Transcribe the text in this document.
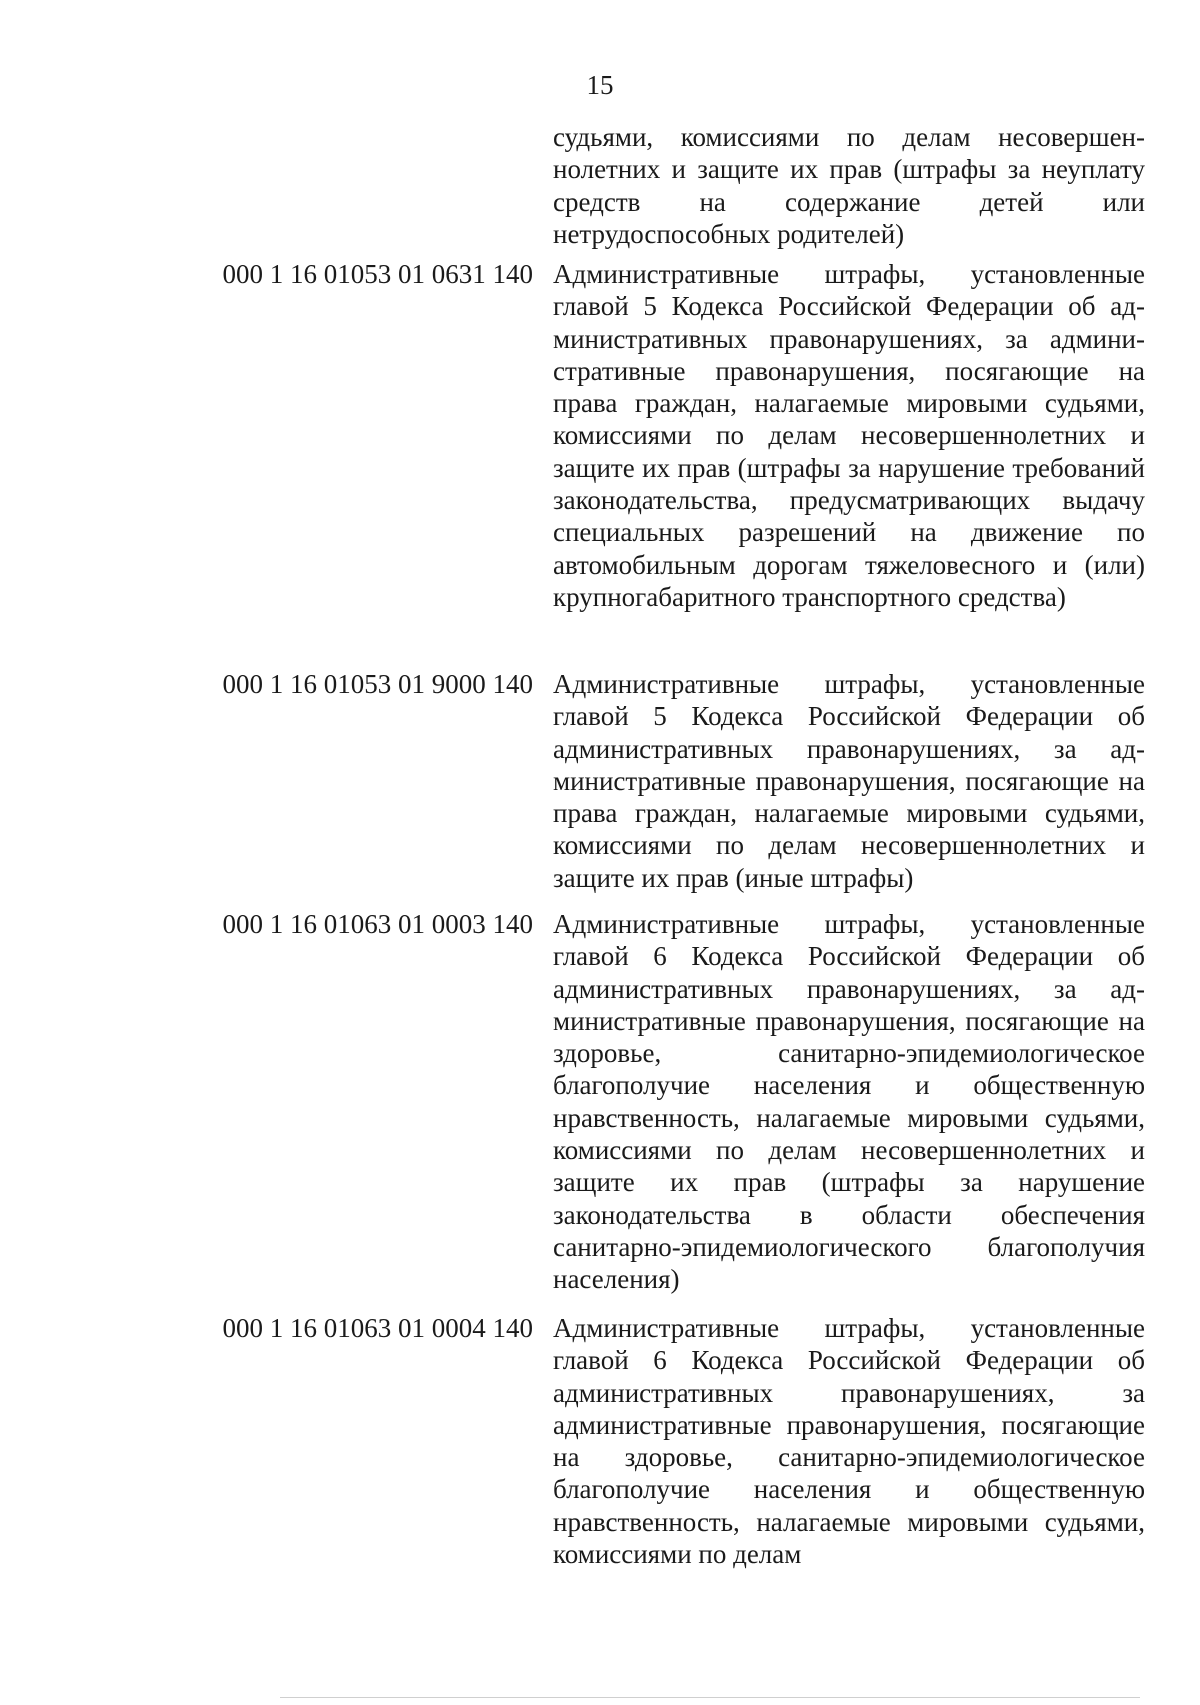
15
судьями, комиссиями по делам несовершеннолетних и защите их прав (штрафы за неуплату средств на содержание детей или нетрудоспособных родителей)
000 1 16 01053 01 0631 140 Административные штрафы, установленные главой 5 Кодекса Российской Федерации об административных правонарушениях, за административные правонарушения, посягающие на права граждан, налагаемые мировыми судьями, комиссиями по делам несовершеннолетних и защите их прав (штрафы за нарушение требований законодательства, предусматривающих выдачу специальных разрешений на движение по автомобильным дорогам тяжеловесного и (или) крупногабаритного транспортного средства)
000 1 16 01053 01 9000 140 Административные штрафы, установленные главой 5 Кодекса Российской Федерации об административных правонарушениях, за административные правонарушения, посягающие на права граждан, налагаемые мировыми судьями, комиссиями по делам несовершеннолетних и защите их прав (иные штрафы)
000 1 16 01063 01 0003 140 Административные штрафы, установленные главой 6 Кодекса Российской Федерации об административных правонарушениях, за административные правонарушения, посягающие на здоровье, санитарно-эпидемиологическое благополучие населения и общественную нравственность, налагаемые мировыми судьями, комиссиями по делам несовершеннолетних и защите их прав (штрафы за нарушение законодательства в области обеспечения санитарно-эпидемиологического благополучия населения)
000 1 16 01063 01 0004 140 Административные штрафы, установленные главой 6 Кодекса Российской Федерации об административных правонарушениях, за административные правонарушения, посягающие на здоровье, санитарно-эпидемиологическое благополучие населения и общественную нравственность, налагаемые мировыми судьями, комиссиями по делам
